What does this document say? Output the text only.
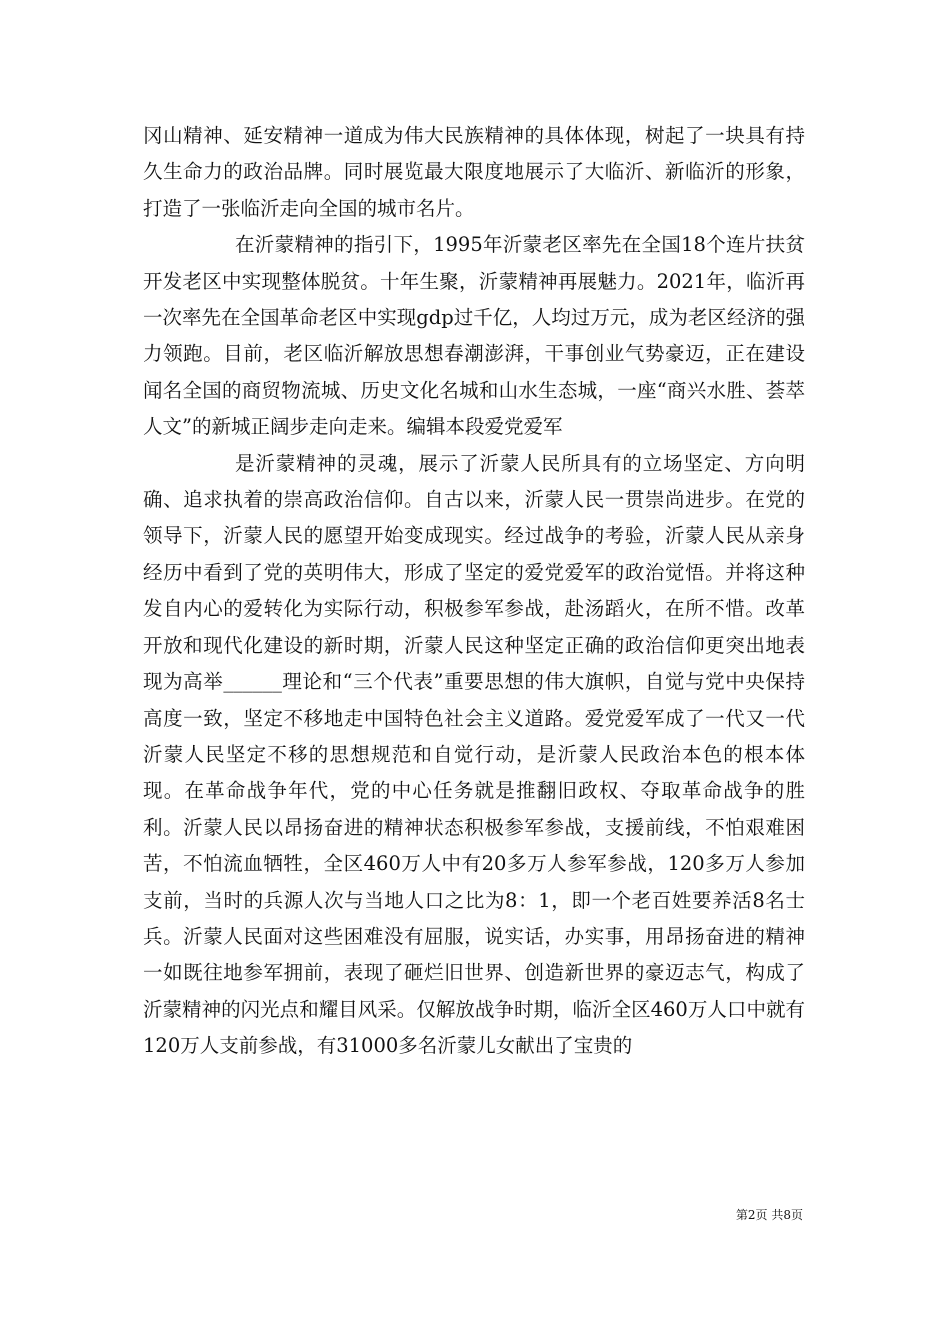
冈山精神、延安精神一道成为伟大民族精神的具体体现，树起了一块具有持久生命力的政治品牌。同时展览最大限度地展示了大临沂、新临沂的形象，打造了一张临沂走向全国的城市名片。

在沂蒙精神的指引下，1995年沂蒙老区率先在全国18个连片扶贫开发老区中实现整体脱贫。十年生聚，沂蒙精神再展魅力。2021年，临沂再一次率先在全国革命老区中实现gdp过千亿，人均过万元，成为老区经济的强力领跑。目前，老区临沂解放思想春潮澎湃，干事创业气势豪迈，正在建设闻名全国的商贸物流城、历史文化名城和山水生态城，一座“商兴水胜、荟萃人文”的新城正阔步走向走来。编辑本段爱党爱军

是沂蒙精神的灵魂，展示了沂蒙人民所具有的立场坚定、方向明确、追求执着的崇高政治信仰。自古以来，沂蒙人民一贯崇尚进步。在党的领导下，沂蒙人民的愿望开始变成现实。经过战争的考验，沂蒙人民从亲身经历中看到了党的英明伟大，形成了坚定的爱党爱军的政治觉悟。并将这种发自内心的爱转化为实际行动，积极参军参战，赴汤蹈火，在所不惜。改革开放和现代化建设的新时期，沂蒙人民这种坚定正确的政治信仰更突出地表现为高举______理论和“三个代表”重要思想的伟大旗帜，自觉与党中央保持高度一致，坚定不移地走中国特色社会主义道路。爱党爱军成了一代又一代沂蒙人民坚定不移的思想规范和自觉行动，是沂蒙人民政治本色的根本体现。在革命战争年代，党的中心任务就是推翻旧政权、夺取革命战争的胜利。沂蒙人民以昂扬奋进的精神状态积极参军参战，支援前线，不怕艰难困苦，不怕流血牺牲，全区460万人中有20多万人参军参战，120多万人参加支前，当时的兵源人次与当地人口之比为8：1，即一个老百姓要养活8名士兵。沂蒙人民面对这些困难没有屈服，说实话，办实事，用昂扬奋进的精神一如既往地参军拥前，表现了砸烂旧世界、创造新世界的豪迈志气，构成了沂蒙精神的闪光点和耀目风采。仅解放战争时期，临沂全区460万人口中就有120万人支前参战，有31000多名沂蒙儿女献出了宝贵的

第2页 共8页
